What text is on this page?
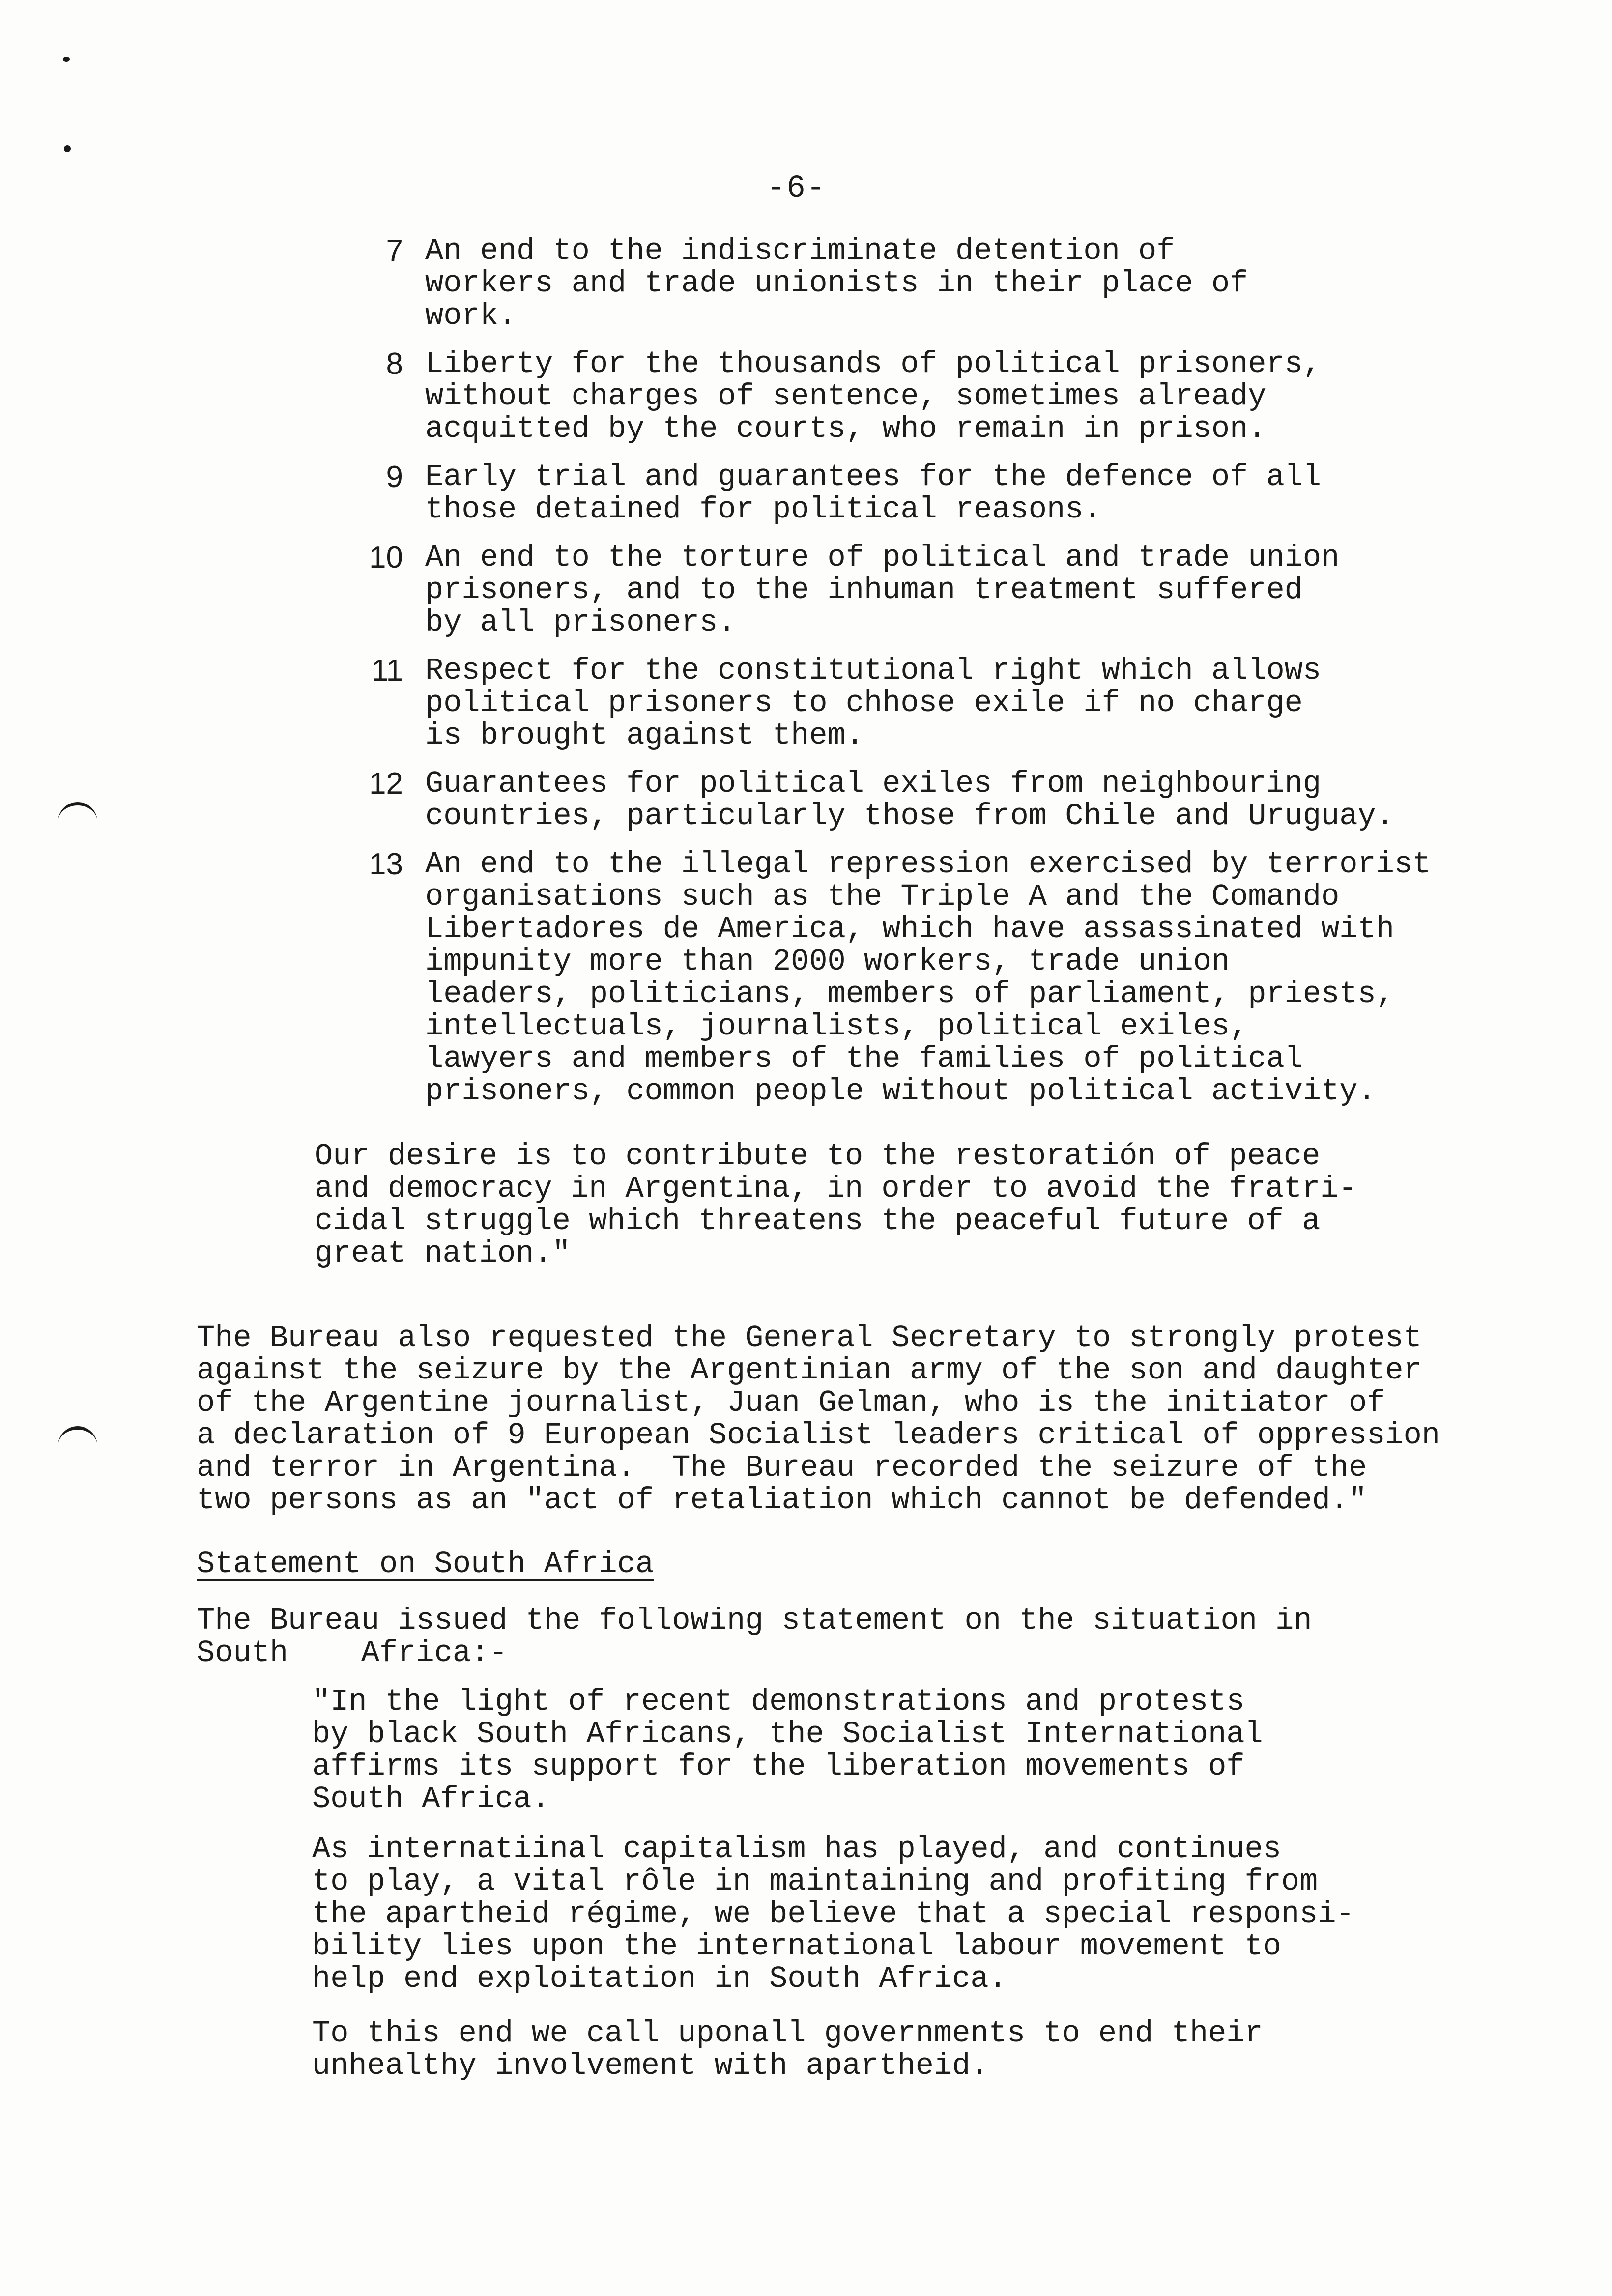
-6-
7 An end to the indiscriminate detention of
workers and trade unionists in their place of
work.
8 Liberty for the thousands of political prisoners,
without charges of sentence, sometimes already
acquitted by the courts, who remain in prison.
9 Early trial and guarantees for the defence of all
those detained for political reasons.
10 An end to the torture of political and trade union
prisoners, and to the inhuman treatment suffered
by all prisoners.
11 Respect for the constitutional right which allows
political prisoners to chhose exile if no charge
is brought against them.
12 Guarantees for political exiles from neighbouring
countries, particularly those from Chile and Uruguay.
13 An end to the illegal repression exercised by terrorist
organisations such as the Triple A and the Comando
Libertadores de America, which have assassinated with
impunity more than 2000 workers, trade union
leaders, politicians, members of parliament, priests,
intellectuals, journalists, political exiles,
lawyers and members of the families of political
prisoners, common people without political activity.

Our desire is to contribute to the restoratión of peace
and democracy in Argentina, in order to avoid the fratri-
cidal struggle which threatens the peaceful future of a
great nation."

The Bureau also requested the General Secretary to strongly protest
against the seizure by the Argentinian army of the son and daughter
of the Argentine journalist, Juan Gelman, who is the initiator of
a declaration of 9 European Socialist leaders critical of oppression
and terror in Argentina.  The Bureau recorded the seizure of the
two persons as an "act of retaliation which cannot be defended."

Statement on South Africa

The Bureau issued the following statement on the situation in
South    Africa:-

"In the light of recent demonstrations and protests
by black South Africans, the Socialist International
affirms its support for the liberation movements of
South Africa.

As internatiinal capitalism has played, and continues
to play, a vital rôle in maintaining and profiting from
the apartheid régime, we believe that a special responsi-
bility lies upon the international labour movement to
help end exploitation in South Africa.

To this end we call uponall governments to end their
unhealthy involvement with apartheid.
